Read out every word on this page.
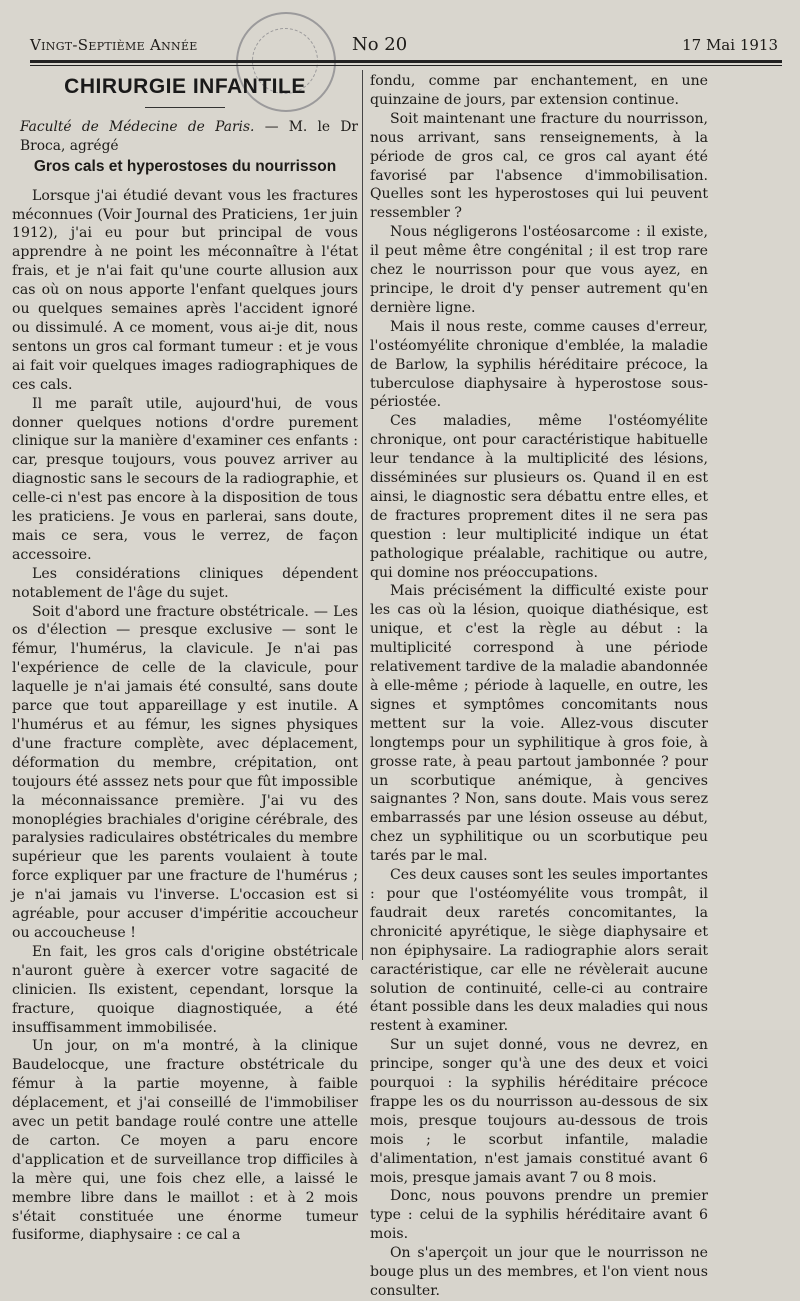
Vingt-Septième Année	No 20	17 Mai 1913
CHIRURGIE INFANTILE
Faculté de Médecine de Paris. — M. le Dr Broca, agrégé
Gros cals et hyperostoses du nourrisson

Lorsque j'ai étudié devant vous les fractures méconnues (Voir Journal des Praticiens, 1er juin 1912), j'ai eu pour but principal de vous apprendre à ne point les méconnaître à l'état frais, et je n'ai fait qu'une courte allusion aux cas où on nous apporte l'enfant quelques jours ou quelques semaines après l'accident ignoré ou dissimulé. A ce moment, vous ai-je dit, nous sentons un gros cal formant tumeur : et je vous ai fait voir quelques images radiographiques de ces cals.

Il me paraît utile, aujourd'hui, de vous donner quelques notions d'ordre purement clinique sur la manière d'examiner ces enfants : car, presque toujours, vous pouvez arriver au diagnostic sans le secours de la radiographie, et celle-ci n'est pas encore à la disposition de tous les praticiens. Je vous en parlerai, sans doute, mais ce sera, vous le verrez, de façon accessoire.

Les considérations cliniques dépendent notablement de l'âge du sujet.

Soit d'abord une fracture obstétricale. — Les os d'élection — presque exclusive — sont le fémur, l'humérus, la clavicule. Je n'ai pas l'expérience de celle de la clavicule, pour laquelle je n'ai jamais été consulté, sans doute parce que tout appareillage y est inutile. A l'humérus et au fémur, les signes physiques d'une fracture complète, avec déplacement, déformation du membre, crépitation, ont toujours été asssez nets pour que fût impossible la méconnaissance première. J'ai vu des monoplégies brachiales d'origine cérébrale, des paralysies radiculaires obstétricales du membre supérieur que les parents voulaient à toute force expliquer par une fracture de l'humérus ; je n'ai jamais vu l'inverse. L'occasion est si agréable, pour accuser d'impéritie accoucheur ou accoucheuse !

En fait, les gros cals d'origine obstétricale n'auront guère à exercer votre sagacité de clinicien. Ils existent, cependant, lorsque la fracture, quoique diagnostiquée, a été insuffisamment immobilisée.

Un jour, on m'a montré, à la clinique Baudelocque, une fracture obstétricale du fémur à la partie moyenne, à faible déplacement, et j'ai conseillé de l'immobiliser avec un petit bandage roulé contre une attelle de carton. Ce moyen a paru encore d'application et de surveillance trop difficiles à la mère qui, une fois chez elle, a laissé le membre libre dans le maillot : et à 2 mois s'était constituée une énorme tumeur fusiforme, diaphysaire : ce cal a

fondu, comme par enchantement, en une quinzaine de jours, par extension continue.

Soit maintenant une fracture du nourrisson, nous arrivant, sans renseignements, à la période de gros cal, ce gros cal ayant été favorisé par l'absence d'immobilisation. Quelles sont les hyperostoses qui lui peuvent ressembler ?

Nous négligerons l'ostéosarcome : il existe, il peut même être congénital ; il est trop rare chez le nourrisson pour que vous ayez, en principe, le droit d'y penser autrement qu'en dernière ligne.

Mais il nous reste, comme causes d'erreur, l'ostéomyélite chronique d'emblée, la maladie de Barlow, la syphilis héréditaire précoce, la tuberculose diaphysaire à hyperostose sous-périostée.

Ces maladies, même l'ostéomyélite chronique, ont pour caractéristique habituelle leur tendance à la multiplicité des lésions, disséminées sur plusieurs os. Quand il en est ainsi, le diagnostic sera débattu entre elles, et de fractures proprement dites il ne sera pas question : leur multiplicité indique un état pathologique préalable, rachitique ou autre, qui domine nos préoccupations.

Mais précisément la difficulté existe pour les cas où la lésion, quoique diathésique, est unique, et c'est la règle au début : la multiplicité correspond à une période relativement tardive de la maladie abandonnée à elle-même ; période à laquelle, en outre, les signes et symptômes concomitants nous mettent sur la voie. Allez-vous discuter longtemps pour un syphilitique à gros foie, à grosse rate, à peau partout jambonnée ? pour un scorbutique anémique, à gencives saignantes ? Non, sans doute. Mais vous serez embarrassés par une lésion osseuse au début, chez un syphilitique ou un scorbutique peu tarés par le mal.

Ces deux causes sont les seules importantes : pour que l'ostéomyélite vous trompât, il faudrait deux raretés concomitantes, la chronicité apyrétique, le siège diaphysaire et non épiphysaire. La radiographie alors serait caractéristique, car elle ne révèlerait aucune solution de continuité, celle-ci au contraire étant possible dans les deux maladies qui nous restent à examiner.

Sur un sujet donné, vous ne devrez, en principe, songer qu'à une des deux et voici pourquoi : la syphilis héréditaire précoce frappe les os du nourrisson au-dessous de six mois, presque toujours au-dessous de trois mois ; le scorbut infantile, maladie d'alimentation, n'est jamais constitué avant 6 mois, presque jamais avant 7 ou 8 mois.

Donc, nous pouvons prendre un premier type : celui de la syphilis héréditaire avant 6 mois.

On s'aperçoit un jour que le nourrisson ne bouge plus un des membres, et l'on vient nous consulter.
